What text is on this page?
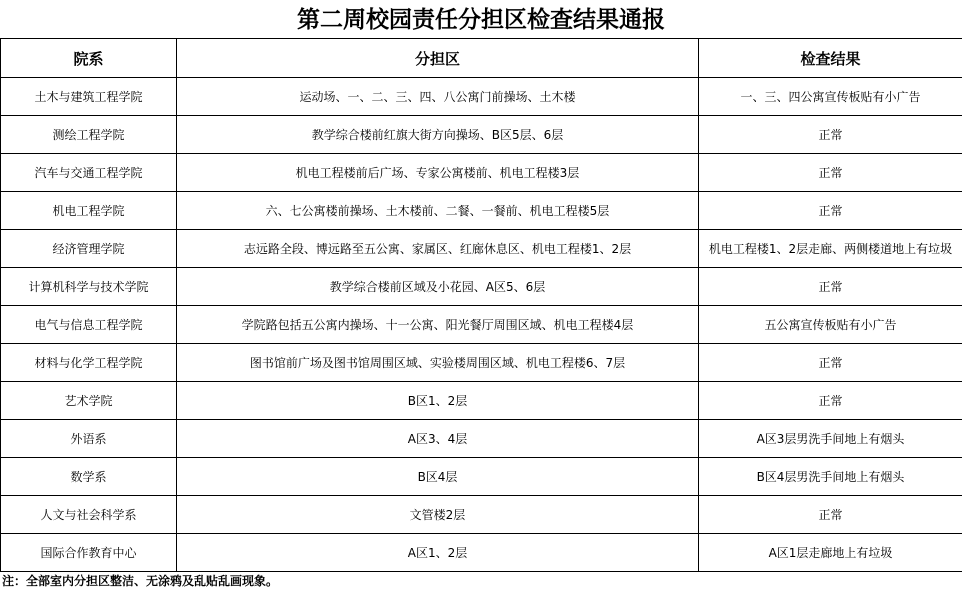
第二周校园责任分担区检查结果通报
院系	分担区	检查结果
土木与建筑工程学院	运动场、一、二、三、四、八公寓门前操场、土木楼	一、三、四公寓宣传板贴有小广告
测绘工程学院	教学综合楼前红旗大街方向操场、B区5层、6层	正常
汽车与交通工程学院	机电工程楼前后广场、专家公寓楼前、机电工程楼3层	正常
机电工程学院	六、七公寓楼前操场、土木楼前、二餐、一餐前、机电工程楼5层	正常
经济管理学院	志远路全段、博远路至五公寓、家属区、红廊休息区、机电工程楼1、2层	机电工程楼1、2层走廊、两侧楼道地上有垃圾
计算机科学与技术学院	教学综合楼前区域及小花园、A区5、6层	正常
电气与信息工程学院	学院路包括五公寓内操场、十一公寓、阳光餐厅周围区域、机电工程楼4层	五公寓宣传板贴有小广告
材料与化学工程学院	图书馆前广场及图书馆周围区域、实验楼周围区域、机电工程楼6、7层	正常
艺术学院	B区1、2层	正常
外语系	A区3、4层	A区3层男洗手间地上有烟头
数学系	B区4层	B区4层男洗手间地上有烟头
人文与社会科学系	文管楼2层	正常
国际合作教育中心	A区1、2层	A区1层走廊地上有垃圾
注：全部室内分担区整洁、无涂鸦及乱贴乱画现象。
